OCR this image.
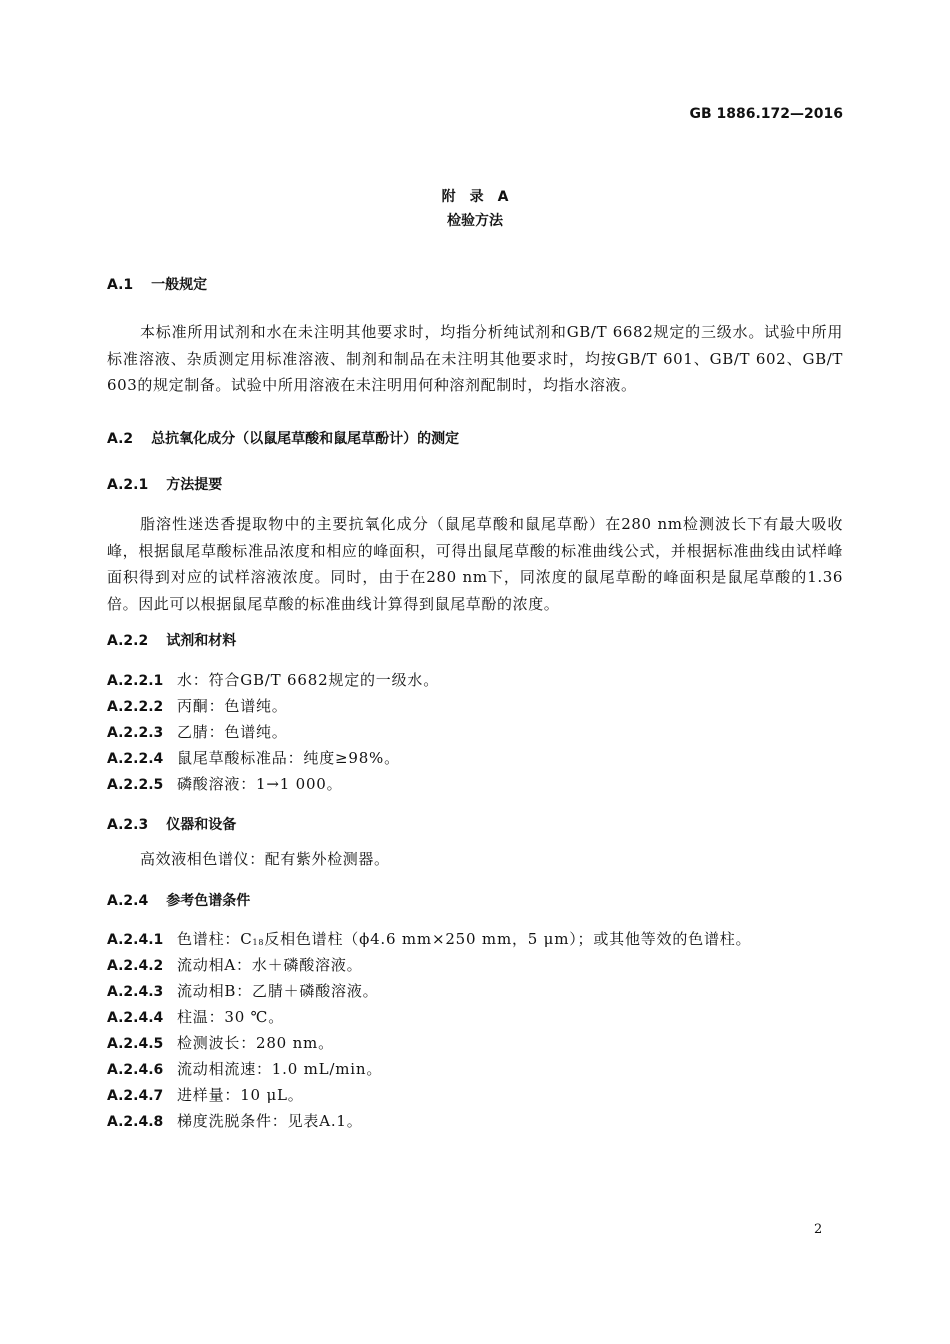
GB 1886.172—2016
附　录　A
检验方法
A.1 一般规定
本标准所用试剂和水在未注明其他要求时，均指分析纯试剂和GB/T 6682规定的三级水。试验中所用标准溶液、杂质测定用标准溶液、制剂和制品在未注明其他要求时，均按GB/T 601、GB/T 602、GB/T 603的规定制备。试验中所用溶液在未注明用何种溶剂配制时，均指水溶液。
A.2 总抗氧化成分（以鼠尾草酸和鼠尾草酚计）的测定
A.2.1 方法提要
脂溶性迷迭香提取物中的主要抗氧化成分（鼠尾草酸和鼠尾草酚）在280 nm检测波长下有最大吸收峰，根据鼠尾草酸标准品浓度和相应的峰面积，可得出鼠尾草酸的标准曲线公式，并根据标准曲线由试样峰面积得到对应的试样溶液浓度。同时，由于在280 nm下，同浓度的鼠尾草酚的峰面积是鼠尾草酸的1.36倍。因此可以根据鼠尾草酸的标准曲线计算得到鼠尾草酚的浓度。
A.2.2 试剂和材料
A.2.2.1 水：符合GB/T 6682规定的一级水。
A.2.2.2 丙酮：色谱纯。
A.2.2.3 乙腈：色谱纯。
A.2.2.4 鼠尾草酸标准品：纯度≥98%。
A.2.2.5 磷酸溶液：1→1 000。
A.2.3 仪器和设备
高效液相色谱仪：配有紫外检测器。
A.2.4 参考色谱条件
A.2.4.1 色谱柱：$C_{18}$反相色谱柱（ϕ4.6 mm×250 mm，5 μm）；或其他等效的色谱柱。
A.2.4.2 流动相A：水＋磷酸溶液。
A.2.4.3 流动相B：乙腈＋磷酸溶液。
A.2.4.4 柱温：30 ℃。
A.2.4.5 检测波长：280 nm。
A.2.4.6 流动相流速：1.0 mL/min。
A.2.4.7 进样量：10 μL。
A.2.4.8 梯度洗脱条件：见表A.1。
2
